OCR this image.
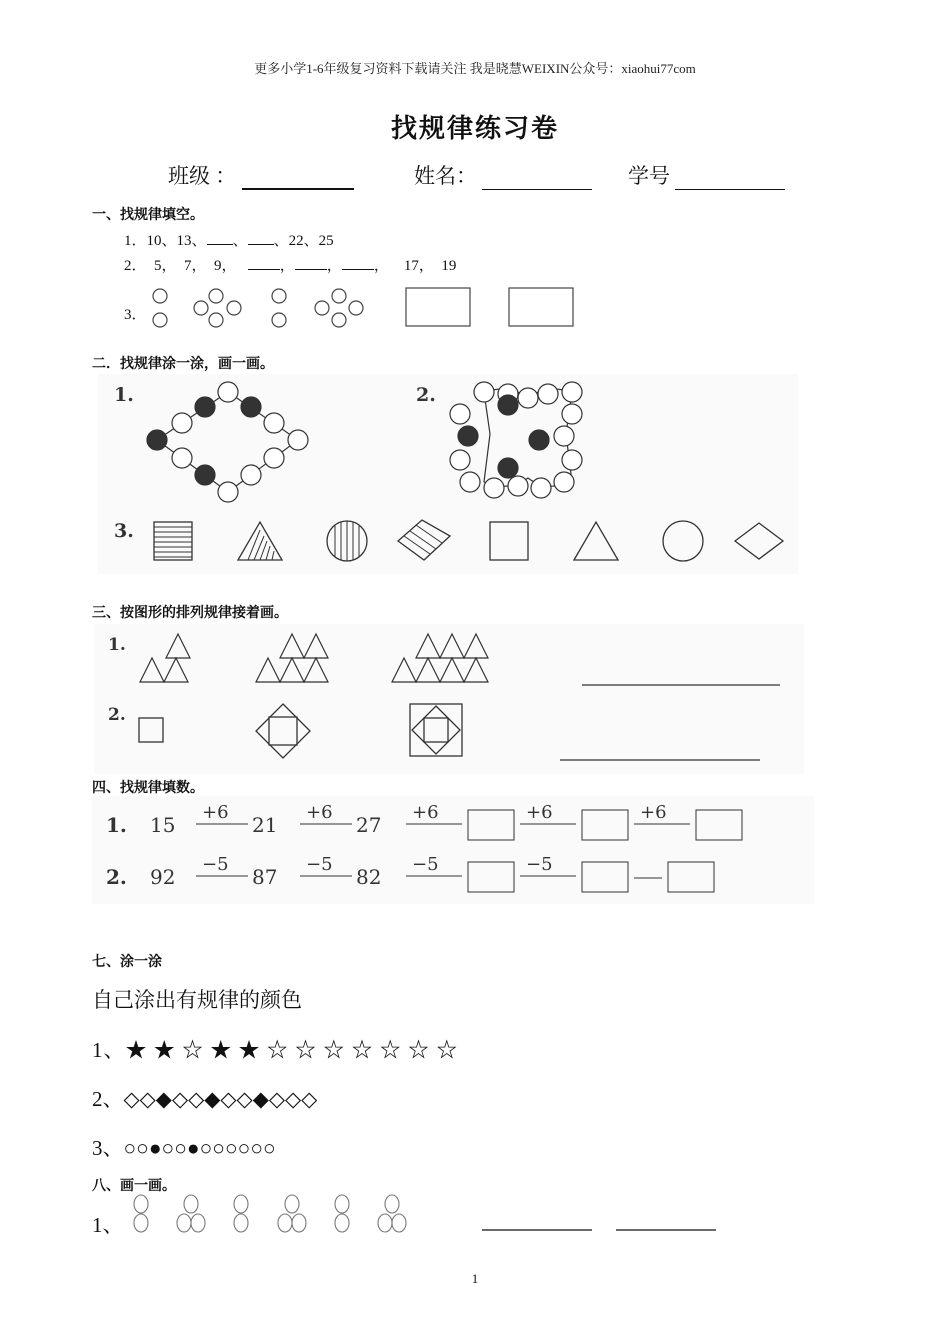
更多小学1-6年级复习资料下载请关注 我是晓慧WEIXIN公众号：xiaohui77com
找规律练习卷
班级 ：	姓名：	学号
一、找规律填空。
1．10、13、 、 、22、25
2． 5，  7，  9，	， ， ， 17，  19
3．
二．找规律涂一涂，画一画。
1.	2.
3.
三、按图形的排列规律接着画。
1.
2.
四、找规律填数。
1. 15
+6
21
+6
27
+6	+6	+6
2. 92
−5
87
−5
82
−5	−5
七、涂一涂
自己涂出有规律的颜色
1、★ ★ ☆ ★ ★ ☆ ☆ ☆ ☆ ☆ ☆ ☆
2、◇◇◆◇◇◆◇◇◆◇◇◇
3、○○●○○●○○○○○○
八、画一画。
1、
1
